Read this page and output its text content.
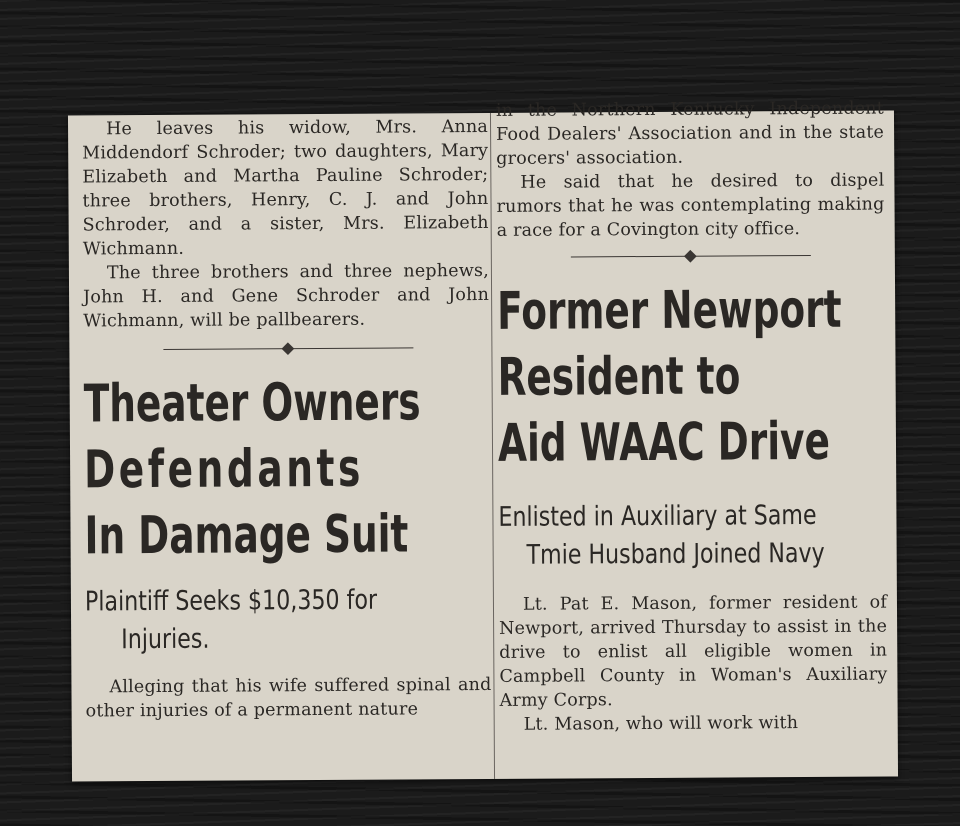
He leaves his widow, Mrs. Anna Middendorf Schroder; two daughters, Mary Elizabeth and Martha Pauline Schroder; three brothers, Henry, C. J. and John Schroder, and a sister, Mrs. Elizabeth Wichmann.

The three brothers and three nephews, John H. and Gene Schroder and John Wichmann, will be pallbearers.

Theater Owners
Defendants
In Damage Suit
Plaintiff Seeks $10,350 for
Injuries.

Alleging that his wife suffered spinal and other injuries of a permanent nature

in the Northern Kentucky Independent Food Dealers' Association and in the state grocers' association.

He said that he desired to dispel rumors that he was contemplating making a race for a Covington city office.

Former Newport
Resident to
Aid WAAC Drive
Enlisted in Auxiliary at Same
Tmie Husband Joined Navy

Lt. Pat E. Mason, former resident of Newport, arrived Thursday to assist in the drive to enlist all eligible women in Campbell County in Woman's Auxiliary Army Corps.

Lt. Mason, who will work with
